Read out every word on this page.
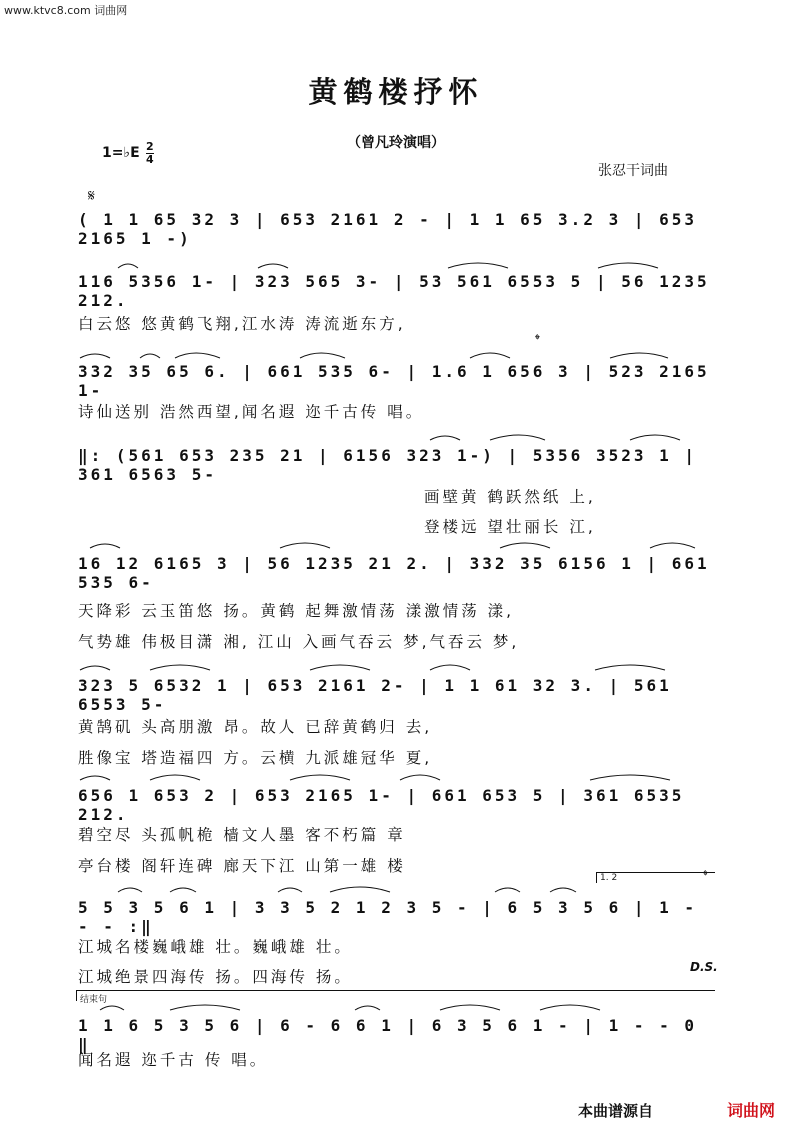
www.ktvc8.com 词曲网
黄鹤楼抒怀
（曾凡玲演唱）
1=♭E 2
4
张忍干词曲
𝄋
𝄌
𝄌
( 1 1 65 32 3 | 653 2161 2 - | 1 1 65 3.2 3 | 653 2165 1 -)
116 5356 1- | 323 565 3- | 53 561 6553 5 | 56 1235 212.
白云悠 悠黄鹤飞翔,江水涛 涛流逝东方,
332 35 65 6. | 661 535 6- | 1.6 1 656 3 | 523 2165 1-
诗仙送别 浩然西望,闻名遐 迩千古传 唱。
‖: (561 653 235 21 | 6156 323 1-) | 5356 3523 1 | 361 6563 5-
画壁黄 鹤跃然纸 上,
登楼远 望壮丽长 江,
16 12 6165 3 | 56 1235 21 2. | 332 35 6156 1 | 661 535 6-
天降彩 云玉笛悠 扬。黄鹤 起舞激情荡 漾激情荡 漾,
气势雄 伟极目潇 湘, 江山 入画气吞云 梦,气吞云 梦,
323 5 6532 1 | 653 2161 2- | 1 1 61 32 3. | 561 6553 5-
黄鹄矶 头高朋激 昂。故人 已辞黄鹤归 去,
胜像宝 塔造福四 方。云横 九派雄冠华 夏,
656 1 653 2 | 653 2165 1- | 661 653 5 | 361 6535 212.
碧空尽 头孤帆桅 樯文人墨 客不朽篇 章
亭台楼 阁轩连碑 廊天下江 山第一雄 楼
1. 2
5 5 3 5 6 1 | 3 3 5 2 1 2 3 5 - | 6 5 3 5 6 | 1 - - - :‖
江城名楼巍峨雄 壮。巍峨雄 壮。
江城绝景四海传 扬。四海传 扬。
D.S.
结束句
1 1 6 5 3 5 6 | 6 - 6 6 1 | 6 3 5 6 1 - | 1 - - 0 ‖
闻名遐 迩千古 传 唱。
本曲谱源自	词曲网
